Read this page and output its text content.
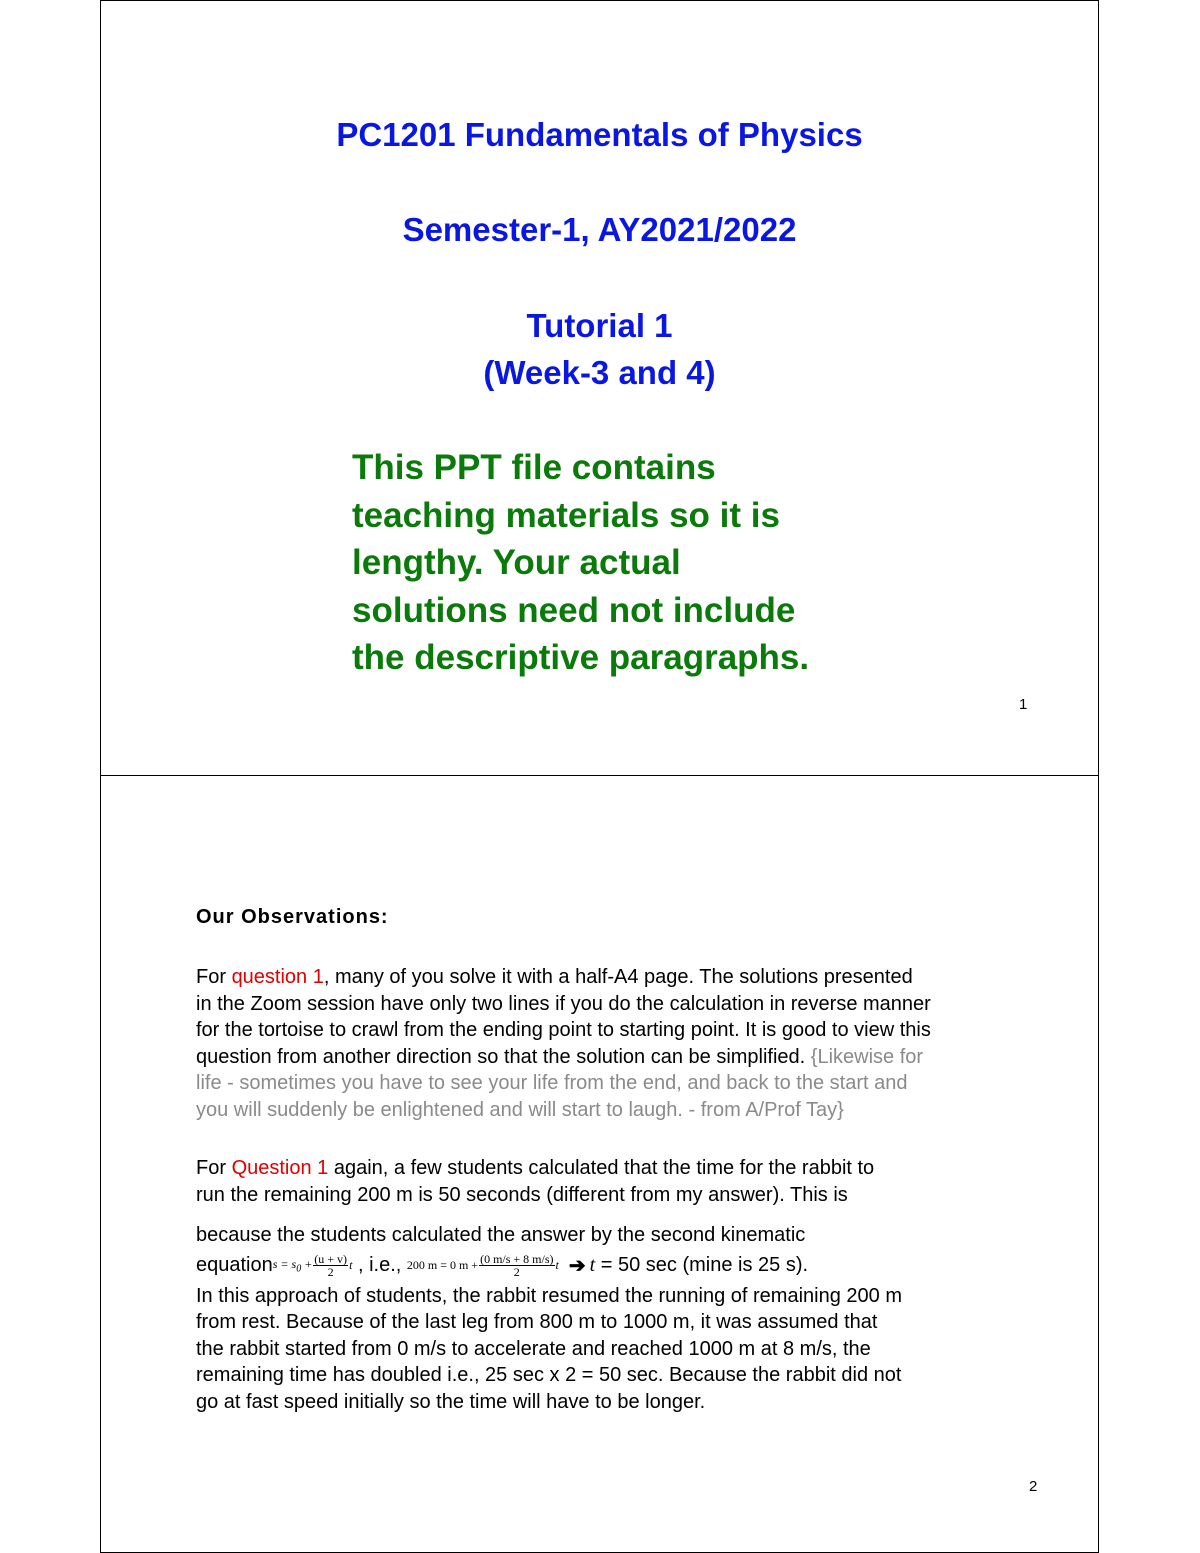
PC1201 Fundamentals of Physics
Semester-1, AY2021/2022
Tutorial 1
(Week-3 and 4)
This PPT file contains
teaching materials so it is
lengthy. Your actual
solutions need not include
the descriptive paragraphs.
1
Our Observations:
For question 1, many of you solve it with a half-A4 page. The solutions presented
in the Zoom session have only two lines if you do the calculation in reverse manner
for the tortoise to crawl from the ending point to starting point. It is good to view this
question from another direction so that the solution can be simplified. {Likewise for
life - sometimes you have to see your life from the end, and back to the start and
you will suddenly be enlightened and will start to laugh. - from A/Prof Tay}
For Question 1 again, a few students calculated that the time for the rabbit to
run the remaining 200 m is 50 seconds (different from my answer). This is
because the students calculated the answer by the second kinematic
equation $s = s_0 + \frac{(u + v)}{2}$ t , i.e., 200 m = 0 $m + \frac{(0 m/s + 8 m/s)}{2}$ t ➔ t = 50 sec (mine is 25 s).
In this approach of students, the rabbit resumed the running of remaining 200 m
from rest. Because of the last leg from 800 m to 1000 m, it was assumed that
the rabbit started from 0 m/s to accelerate and reached 1000 m at 8 m/s, the
remaining time has doubled i.e., 25 sec x 2 = 50 sec. Because the rabbit did not
go at fast speed initially so the time will have to be longer.
2
